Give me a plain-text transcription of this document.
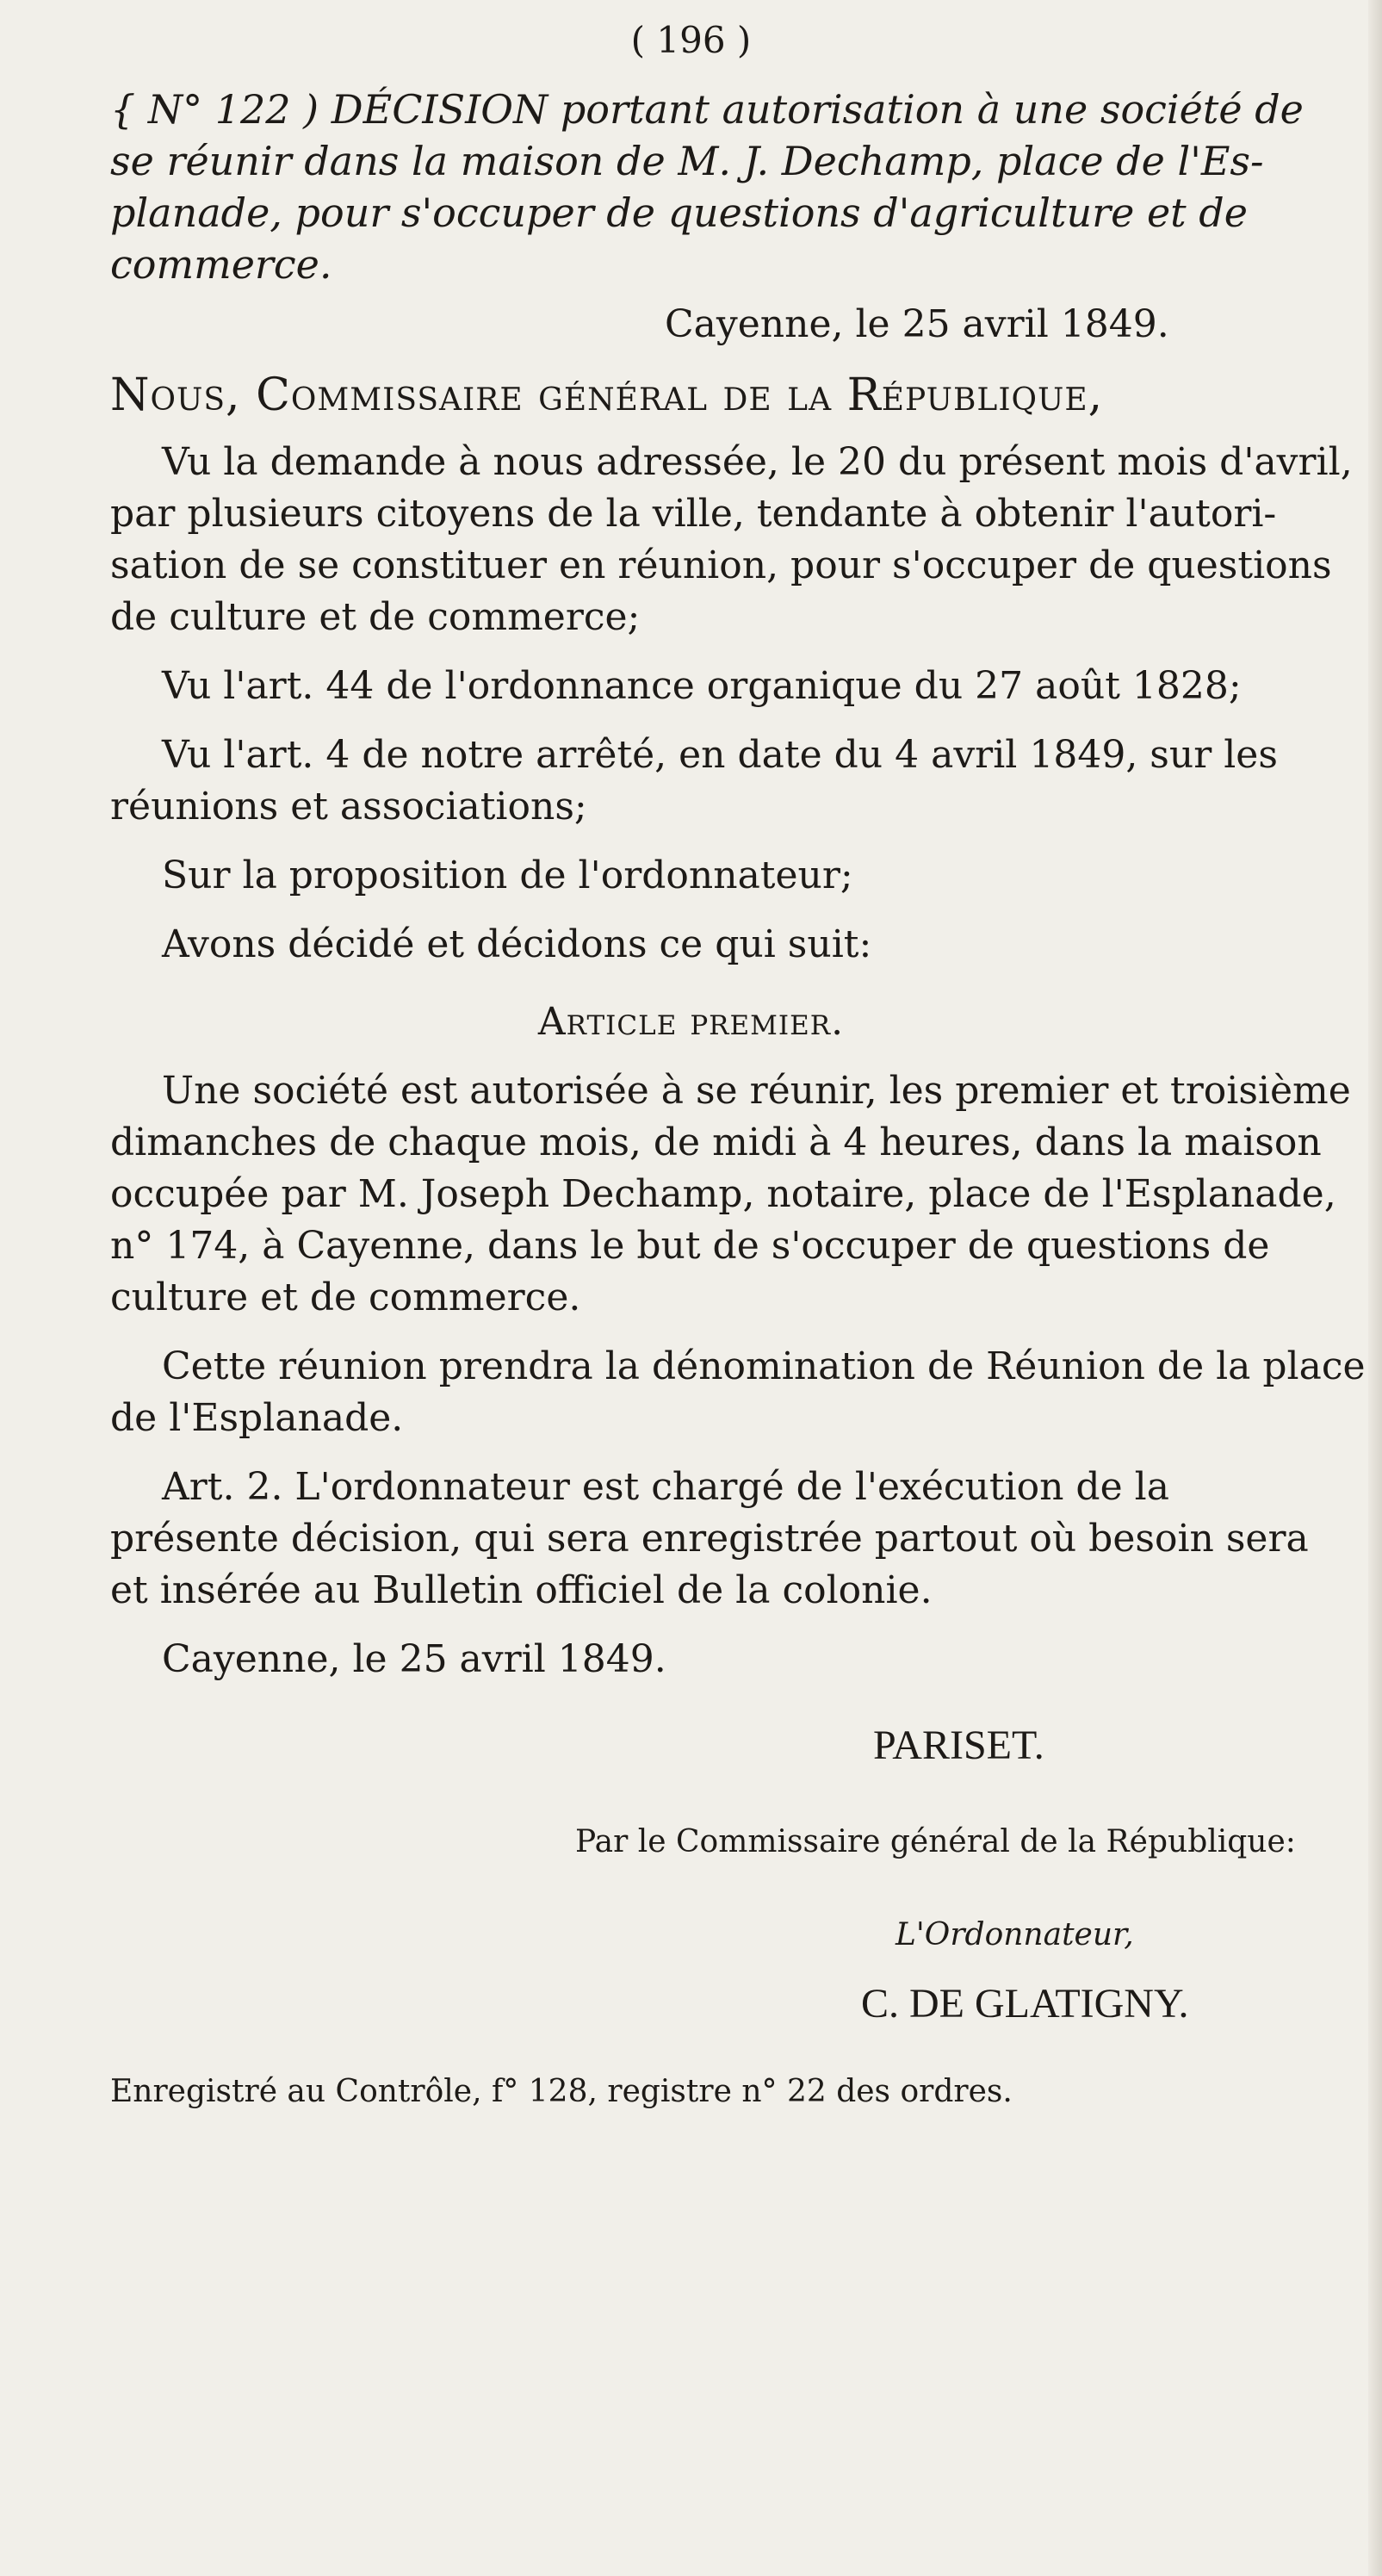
( 196 )
{ N° 122 ) DÉCISION portant autorisation à une société de
se réunir dans la maison de M. J. Dechamp, place de l'Es-
planade, pour s'occuper de questions d'agriculture et de
commerce.
Cayenne, le 25 avril 1849.
Nous, Commissaire général de la République,
Vu la demande à nous adressée, le 20 du présent mois d'avril,
par plusieurs citoyens de la ville, tendante à obtenir l'autori-
sation de se constituer en réunion, pour s'occuper de questions
de culture et de commerce;
Vu l'art. 44 de l'ordonnance organique du 27 août 1828;
Vu l'art. 4 de notre arrêté, en date du 4 avril 1849, sur les
réunions et associations;
Sur la proposition de l'ordonnateur;
Avons décidé et décidons ce qui suit:
Article premier.
Une société est autorisée à se réunir, les premier et troisième
dimanches de chaque mois, de midi à 4 heures, dans la maison
occupée par M. Joseph Dechamp, notaire, place de l'Esplanade,
n° 174, à Cayenne, dans le but de s'occuper de questions de
culture et de commerce.
Cette réunion prendra la dénomination de Réunion de la place
de l'Esplanade.
Art. 2. L'ordonnateur est chargé de l'exécution de la
présente décision, qui sera enregistrée partout où besoin sera
et insérée au Bulletin officiel de la colonie.
Cayenne, le 25 avril 1849.
PARISET.
Par le Commissaire général de la République:
L'Ordonnateur,
C. DE GLATIGNY.
Enregistré au Contrôle, f° 128, registre n° 22 des ordres.
